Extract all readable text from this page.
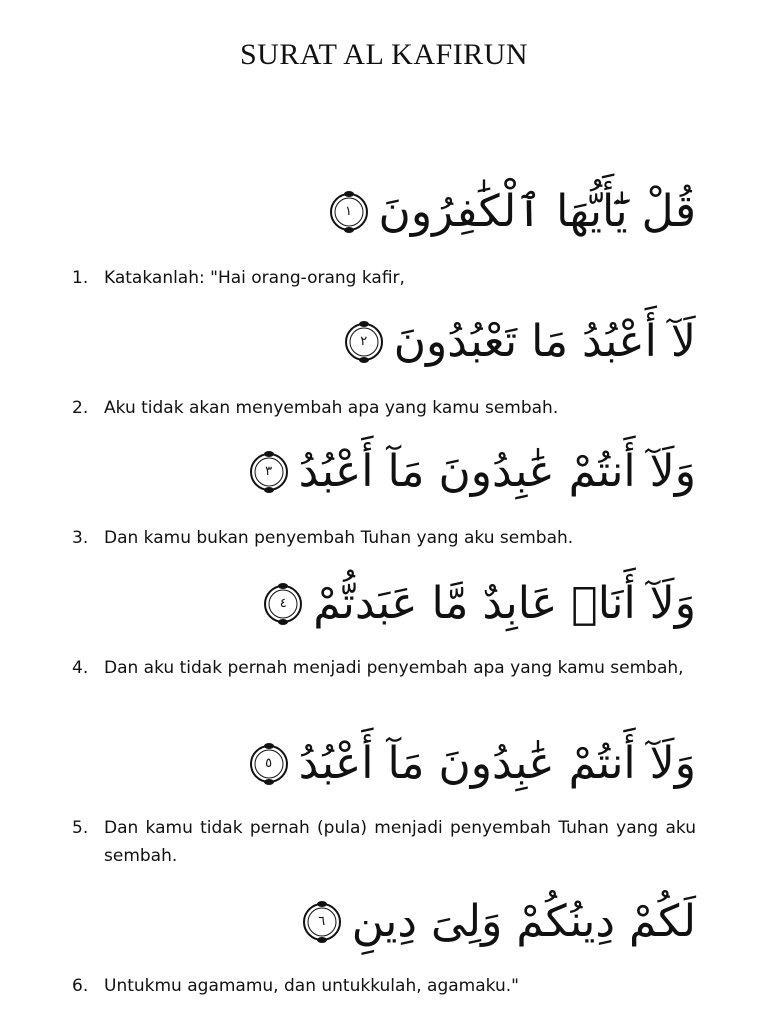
SURAT AL KAFIRUN
قُلْ يَٰٓأَيُّهَا ٱلْكَٰفِرُونَ
١
1. Katakanlah: "Hai orang-orang kafir,
لَآ أَعْبُدُ مَا تَعْبُدُونَ
٢
2. Aku tidak akan menyembah apa yang kamu sembah.
وَلَآ أَنتُمْ عَٰبِدُونَ مَآ أَعْبُدُ
٣
3. Dan kamu bukan penyembah Tuhan yang aku sembah.
وَلَآ أَنَا۠ عَابِدٌ مَّا عَبَدتُّمْ
٤
4. Dan aku tidak pernah menjadi penyembah apa yang kamu sembah,
وَلَآ أَنتُمْ عَٰبِدُونَ مَآ أَعْبُدُ
٥
5. Dan kamu tidak pernah (pula) menjadi penyembah Tuhan yang aku sembah.
لَكُمْ دِينُكُمْ وَلِىَ دِينِ
٦
6. Untukmu agamamu, dan untukkulah, agamaku."
